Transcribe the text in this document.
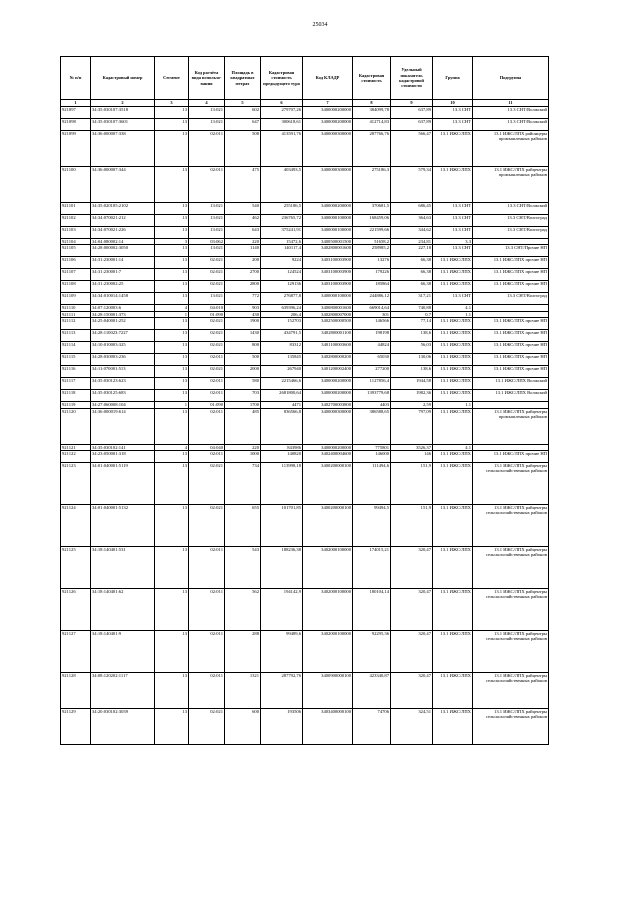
25034
№ п/п	Кадастровый номер	Сегмент	Код расчёта вида использо-вания	Площадь в квадратных метрах	Кадастровая стоимость предыдущего тура	Код КЛАДР	Кадастровая стоимость	Удельный показатель кадастровой стоимости	Группа	Подгруппа
1	2	3	4	5	6	7	8	9	10	11
921097	34:35:030107:3518	13	13:021	602	279707,26	3400000200000	384099,78	637,89	13.3 СНТ	13.3 СНТ/Волжский
921098	34:35:030107:3601	13	13:021	647	300618,61	3400000200000	412714,83	637,89	13.3 СНТ	13.3 СНТ/Волжский
921099	34:36:000007:338	13	02:011	508	413591,76	3400000300000	287766,76	566,47	13.1 ИЖС/ЛПХ	13.1 ИЖС/ЛПХ районцеры промышленных районов
921100	34:36:000007:344	13	02:011	475	403493,5	3400000300000	275186,3	579,34	13.1 ИЖС/ЛПХ	13.1 ИЖС/ЛПХ райцентры промышленных районов
921101	34:35:020105:2102	13	13:021	540	255186,5	3400000200000	370681,5	686,45	13.3 СНТ	13.3 СНТ/Волжский
921102	34:34:070021:212	13	13:021	462	236765,72	3400000100000	168459,06	364,63	13.3 СНТ	13.3 СНТ/Волгоград
921103	34:34:070021:226	13	13:021	643	375241,91	3400000100000	221599,66	344,62	13.3 СНТ	13.3 СНТ/Волгоград
921104	34:04:080002:14	3	03:062	220	15472,6	3400500001500	51658,2	234,81	3.3	
921105	34:28:000002:3050	13	13:021	1140	140117,4	3402800001600	258985,2	227,18	13.3 СНТ	13.3 СНТ/Прочие НП
921106	34:31:230001:14	13	02:021	200	9224	3403100003900	13276	66,38	13.1 ИЖС/ЛПХ	13.1 ИЖС/ЛПХ прочие НП
921107	34:31:230001:7	13	02:021	2700	124524	3403100003900	179226	66,38	13.1 ИЖС/ЛПХ	13.1 ИЖС/ЛПХ прочие НП
921108	34:31:230002:25	13	02:021	2800	129136	3403100003900	185864	66,38	13.1 ИЖС/ЛПХ	13.1 ИЖС/ЛПХ прочие НП
921109	34:34:010014:1458	13	13:021	772	276877,8	3400000100000	244886,12	317,21	13.3 СНТ	13.3 СНТ/Волгоград
921110	34:07:120003:6	4	04:010	903	639396,24	3400800001600	669014,64	740,88	4.1	
921111	34:28:150001:373	1	01:090	430	206,4	3402800007000	301	0,7	1.1	
921112	34:25:040001:252	13	02:021	1900	152703	3402500000500	146566	77,14	13.1 ИЖС/ЛПХ	13.1 ИЖС/ЛПХ прочие НП
921113	34:28:110023:7227	13	02:021	1430	434791,5	3402800001100	198198	138,6	13.1 ИЖС/ЛПХ	13.1 ИЖС/ЛПХ прочие НП
921114	34:10:010003:325	13	02:021	800	83312	3401100003600	44824	56,03	13.1 ИЖС/ЛПХ	13.1 ИЖС/ЛПХ прочие НП
921115	34:28:030003:236	13	02:011	500	135845	3402800000200	65030	130,06	13.1 ИЖС/ЛПХ	13.1 ИЖС/ЛПХ прочие НП
921116	34:11:070001:513	13	02:021	2000	267940	3401200002400	277200	138,6	13.1 ИЖС/ЛПХ	13.1 ИЖС/ЛПХ прочие НП
921117	34:35:030123:623	13	02:011	580	2215466,6	3400000200000	1127856,4	1944,58	13.1 ИЖС/ЛПХ	13.1 ИЖС/ЛПХ Волжский
921118	34:35:030125:683	13	02:011	703	2681800,64	3400000200000	1393779,68	1982,36	13.1 ИЖС/ЛПХ	13.1 ИЖС/ЛПХ Волжский
921119	34:27:060008:104	1	01:090	1700	4471	3402700003800	4403	2,59	1.1	
921120	34:36:000019:614	13	02:011	485	836566,8	3400000300000	386588,65	797,09	13.1 ИЖС/ЛПХ	13.1 ИЖС/ЛПХ райцентры промышленных районов
921121	34:35:030102:141	4	04:040	220	843986	3400000200000	775801	3526,37	4.1	
921122	34:23:050001:318	13	02:011	1000	140820	3402400004600	146000	146	13.1 ИЖС/ЛПХ	13.1 ИЖС/ЛПХ прочие НП
921123	34:01:040001:5119	13	02:021	734	113998,18	3400200000100	111494,6	151,9	13.1 ИЖС/ЛПХ	13.1 ИЖС/ЛПХ райцентры сельскохозяйственных районов
921124	34:01:040001:5132	13	02:021	655	101701,85	3400200000100	99494,5	151,9	13.1 ИЖС/ЛПХ	13.1 ИЖС/ЛПХ райцентры сельскохозяйственных районов
921125	34:18:140401:531	13	02:011	543	188236,38	3402000100000	174015,21	320,47	13.1 ИЖС/ЛПХ	13.1 ИЖС/ЛПХ райцентры сельскохозяйственных районов
921126	34:18:140401:62	13	02:011	562	194142,9	3402000100000	180104,14	320,47	13.1 ИЖС/ЛПХ	13.1 ИЖС/ЛПХ райцентры сельскохозяйственных районов
921127	34:18:140401:9	13	02:011	288	99489,6	3402000100000	92295,36	320,47	13.1 ИЖС/ЛПХ	13.1 ИЖС/ЛПХ райцентры сельскохозяйственных районов
921128	34:08:120202:1117	13	02:011	1321	287792,76	3400900000100	423340,87	320,47	13.1 ИЖС/ЛПХ	13.1 ИЖС/ЛПХ райцентры сельскохозяйственных районов
921129	34:20:030102:3039	13	02:021	600	193506	3403400000100	74706	324,51	13.1 ИЖС/ЛПХ	13.1 ИЖС/ЛПХ райцентры сельскохозяйственных районов
